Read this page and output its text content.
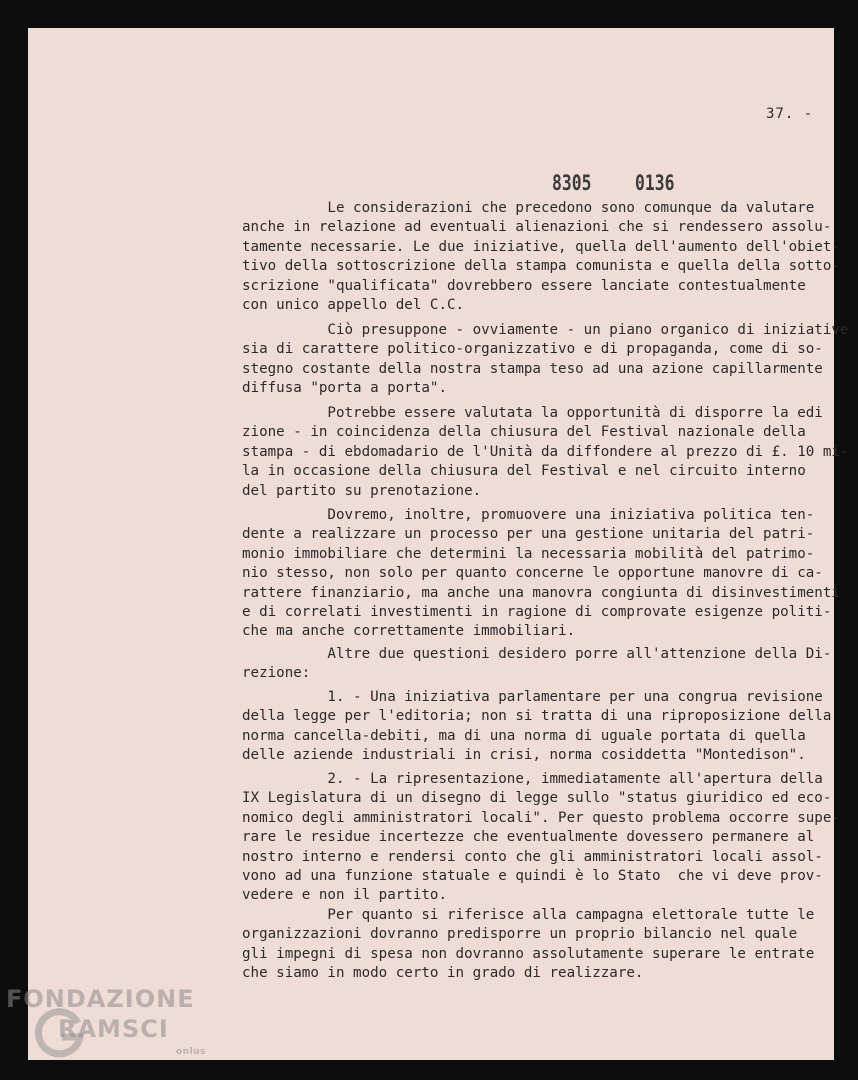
37. -
8305 0136
Le considerazioni che precedono sono comunque da valutare
anche in relazione ad eventuali alienazioni che si rendessero assolu-
tamente necessarie. Le due iniziative, quella dell'aumento dell'obiet-
tivo della sottoscrizione della stampa comunista e quella della sotto-
scrizione "qualificata" dovrebbero essere lanciate contestualmente
con unico appello del C.C.
Ciò presuppone - ovviamente - un piano organico di iniziative
sia di carattere politico-organizzativo e di propaganda, come di so-
stegno costante della nostra stampa teso ad una azione capillarmente
diffusa "porta a porta".
Potrebbe essere valutata la opportunità di disporre la edi
zione - in coincidenza della chiusura del Festival nazionale della
stampa - di ebdomadario de l'Unità da diffondere al prezzo di £. 10 mi-
la in occasione della chiusura del Festival e nel circuito interno
del partito su prenotazione.
Dovremo, inoltre, promuovere una iniziativa politica ten-
dente a realizzare un processo per una gestione unitaria del patri-
monio immobiliare che determini la necessaria mobilità del patrimo-
nio stesso, non solo per quanto concerne le opportune manovre di ca-
rattere finanziario, ma anche una manovra congiunta di disinvestimenti
e di correlati investimenti in ragione di comprovate esigenze politi-
che ma anche correttamente immobiliari.
Altre due questioni desidero porre all'attenzione della Di-
rezione:
1. - Una iniziativa parlamentare per una congrua revisione
della legge per l'editoria; non si tratta di una riproposizione della
norma cancella-debiti, ma di una norma di uguale portata di quella
delle aziende industriali in crisi, norma cosiddetta "Montedison".
2. - La ripresentazione, immediatamente all'apertura della
IX Legislatura di un disegno di legge sullo "status giuridico ed eco-
nomico degli amministratori locali". Per questo problema occorre supe-
rare le residue incertezze che eventualmente dovessero permanere al
nostro interno e rendersi conto che gli amministratori locali assol-
vono ad una funzione statuale e quindi è lo Stato  che vi deve prov-
vedere e non il partito.
Per quanto si riferisce alla campagna elettorale tutte le
organizzazioni dovranno predisporre un proprio bilancio nel quale
gli impegni di spesa non dovranno assolutamente superare le entrate
che siamo in modo certo in grado di realizzare.
FONDAZIONE
RAMSCI
onlus
